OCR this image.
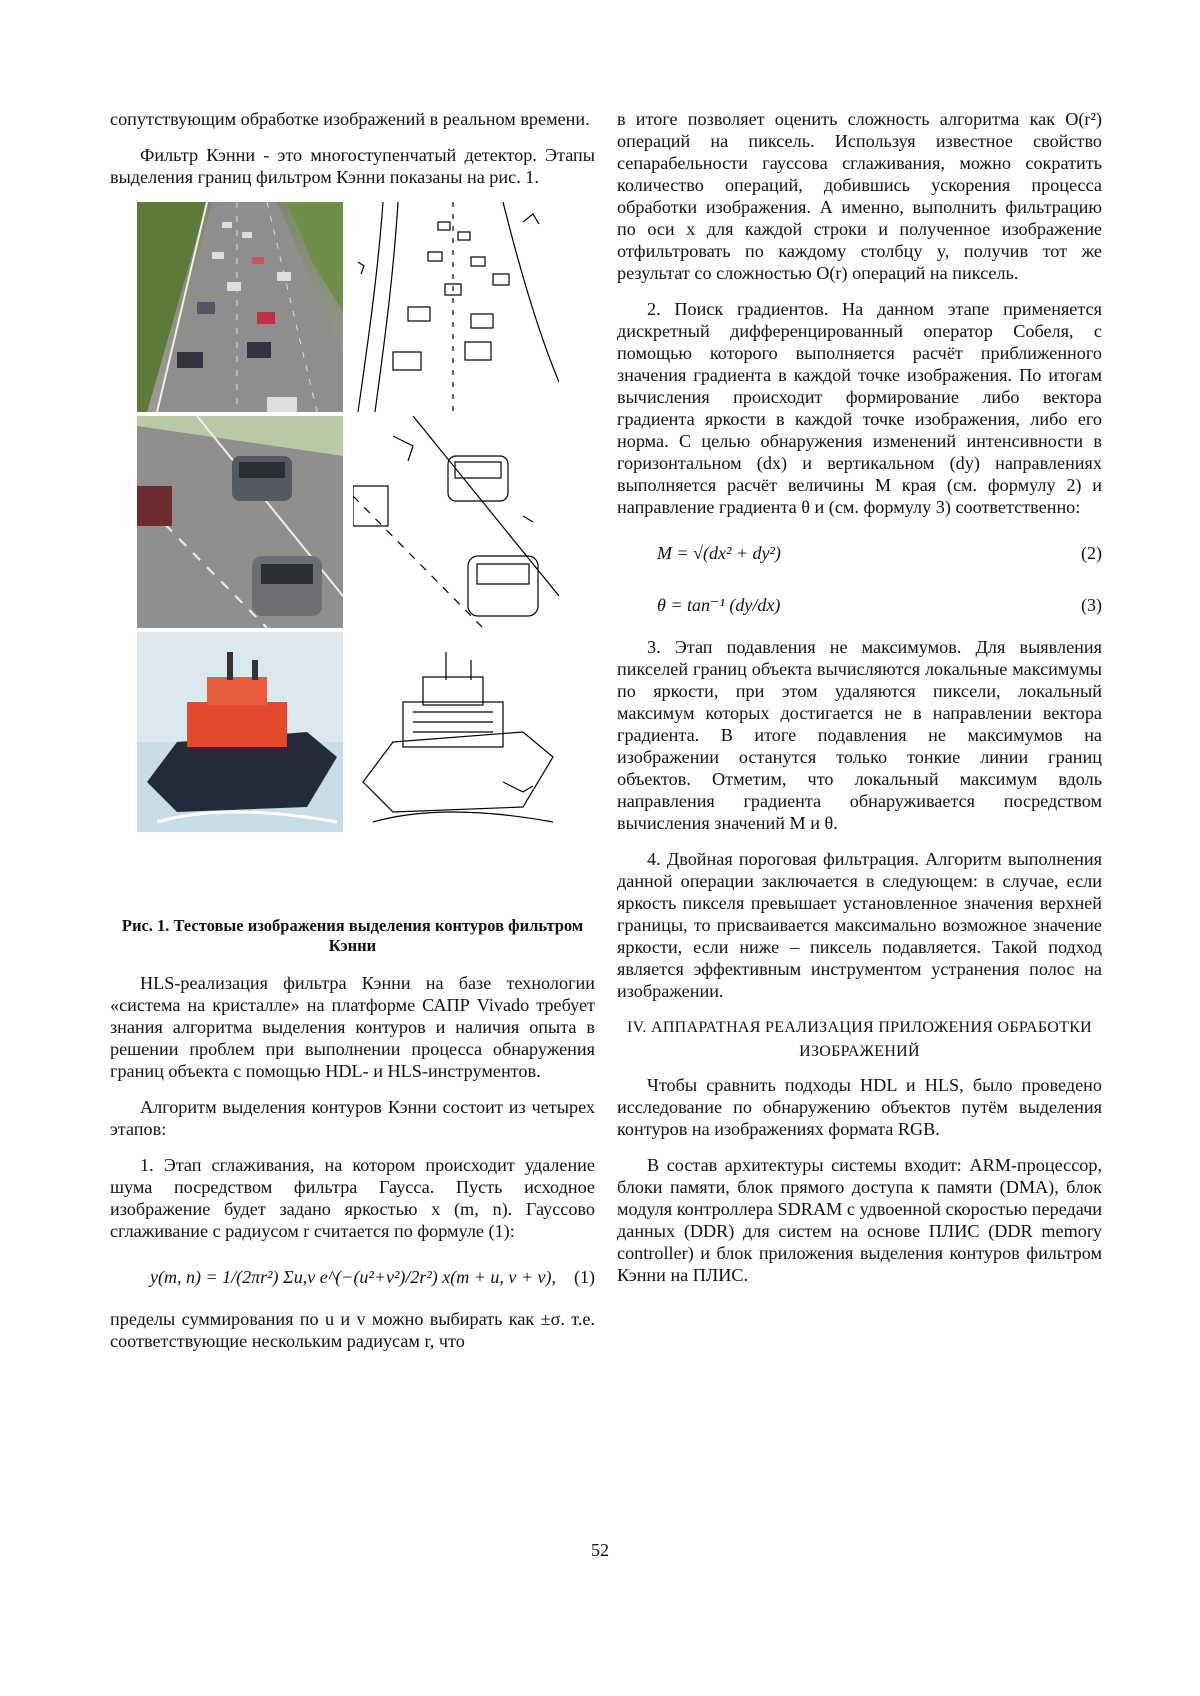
сопутствующим обработке изображений в реальном времени.

Фильтр Кэнни - это многоступенчатый детектор. Этапы выделения границ фильтром Кэнни показаны на рис. 1.

Рис. 1. Тестовые изображения выделения контуров фильтром Кэнни

HLS-реализация фильтра Кэнни на базе технологии «система на кристалле» на платформе САПР Vivado требует знания алгоритма выделения контуров и наличия опыта в решении проблем при выполнении процесса обнаружения границ объекта с помощью HDL- и HLS-инструментов.

Алгоритм выделения контуров Кэнни состоит из четырех этапов:

1. Этап сглаживания, на котором происходит удаление шума посредством фильтра Гаусса. Пусть исходное изображение будет задано яркостью x (m, n). Гауссово сглаживание с радиусом r считается по формуле (1):

y(m, n) = 1/(2πr²) Σu,v e^(−(u²+v²)/2r²) x(m + u, v + v), (1)

пределы суммирования по u и v можно выбирать как ±σ. т.е. соответствующие нескольким радиусам r, что

в итоге позволяет оценить сложность алгоритма как O(r²) операций на пиксель. Используя известное свойство сепарабельности гауссова сглаживания, можно сократить количество операций, добившись ускорения процесса обработки изображения. А именно, выполнить фильтрацию по оси x для каждой строки и полученное изображение отфильтровать по каждому столбцу y, получив тот же результат со сложностью O(r) операций на пиксель.

2. Поиск градиентов. На данном этапе применяется дискретный дифференцированный оператор Собеля, с помощью которого выполняется расчёт приближенного значения градиента в каждой точке изображения. По итогам вычисления происходит формирование либо вектора градиента яркости в каждой точке изображения, либо его норма. С целью обнаружения изменений интенсивности в горизонтальном (dx) и вертикальном (dy) направлениях выполняется расчёт величины M края (см. формулу 2) и направление градиента θ и (см. формулу 3) соответственно:

M = √(dx² + dy²)	(2)
θ = tan⁻¹ (dy/dx)	(3)

3. Этап подавления не максимумов. Для выявления пикселей границ объекта вычисляются локальные максимумы по яркости, при этом удаляются пиксели, локальный максимум которых достигается не в направлении вектора градиента. В итоге подавления не максимумов на изображении останутся только тонкие линии границ объектов. Отметим, что локальный максимум вдоль направления градиента обнаруживается посредством вычисления значений M и θ.

4. Двойная пороговая фильтрация. Алгоритм выполнения данной операции заключается в следующем: в случае, если яркость пикселя превышает установленное значения верхней границы, то присваивается максимально возможное значение яркости, если ниже – пиксель подавляется. Такой подход является эффективным инструментом устранения полос на изображении.

IV. АППАРАТНАЯ РЕАЛИЗАЦИЯ ПРИЛОЖЕНИЯ ОБРАБОТКИ ИЗОБРАЖЕНИЙ

Чтобы сравнить подходы HDL и HLS, было проведено исследование по обнаружению объектов путём выделения контуров на изображениях формата RGB.

В состав архитектуры системы входит: ARM-процессор, блоки памяти, блок прямого доступа к памяти (DMA), блок модуля контроллера SDRAM с удвоенной скоростью передачи данных (DDR) для систем на основе ПЛИС (DDR memory controller) и блок приложения выделения контуров фильтром Кэнни на ПЛИС.

52
